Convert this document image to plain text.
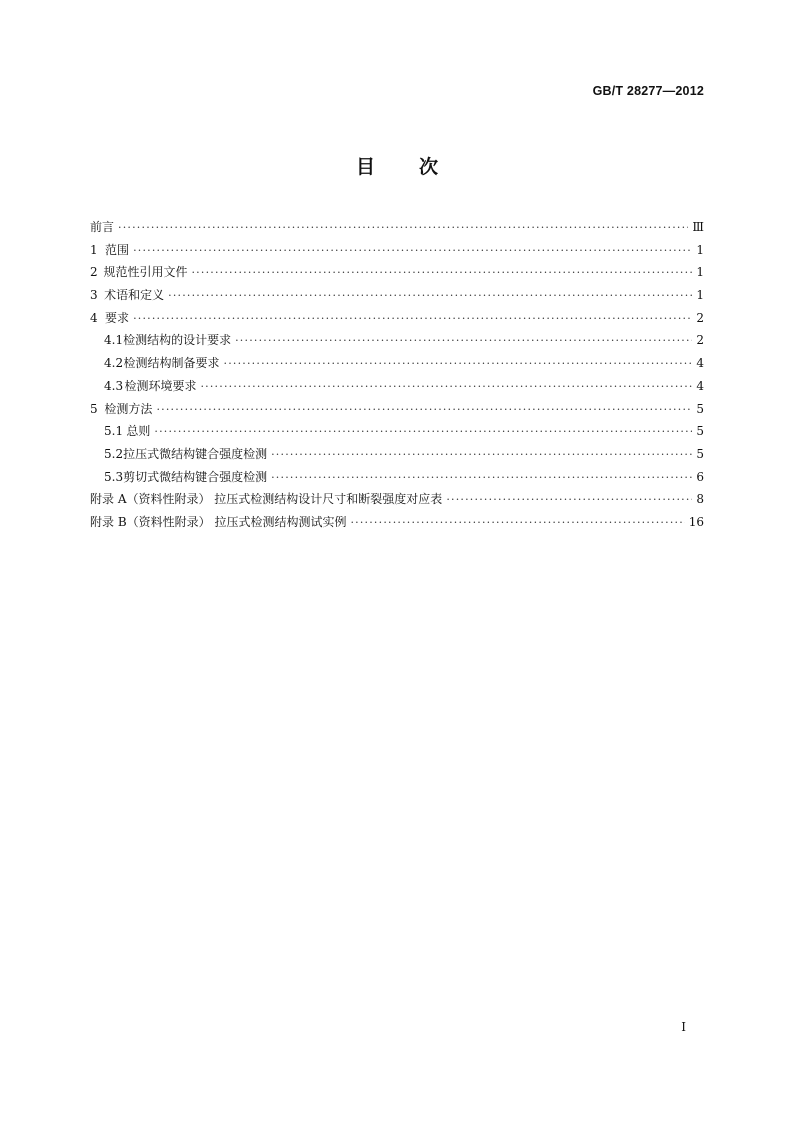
GB/T 28277—2012
目 次
前言 ·····	Ⅲ
1 范围 ·····	1
2 规范性引用文件 ·····	1
3 术语和定义 ·····	1
4 要求 ·····	2
4.1 检测结构的设计要求 ·····	2
4.2 检测结构制备要求 ·····	4
4.3 检测环境要求 ·····	4
5 检测方法 ·····	5
5.1 总则 ·····	5
5.2 拉压式微结构键合强度检测 ·····	5
5.3 剪切式微结构键合强度检测 ·····	6
附录 A（资料性附录） 拉压式检测结构设计尺寸和断裂强度对应表 ·····	8
附录 B（资料性附录） 拉压式检测结构测试实例 ·····	16
Ⅰ
